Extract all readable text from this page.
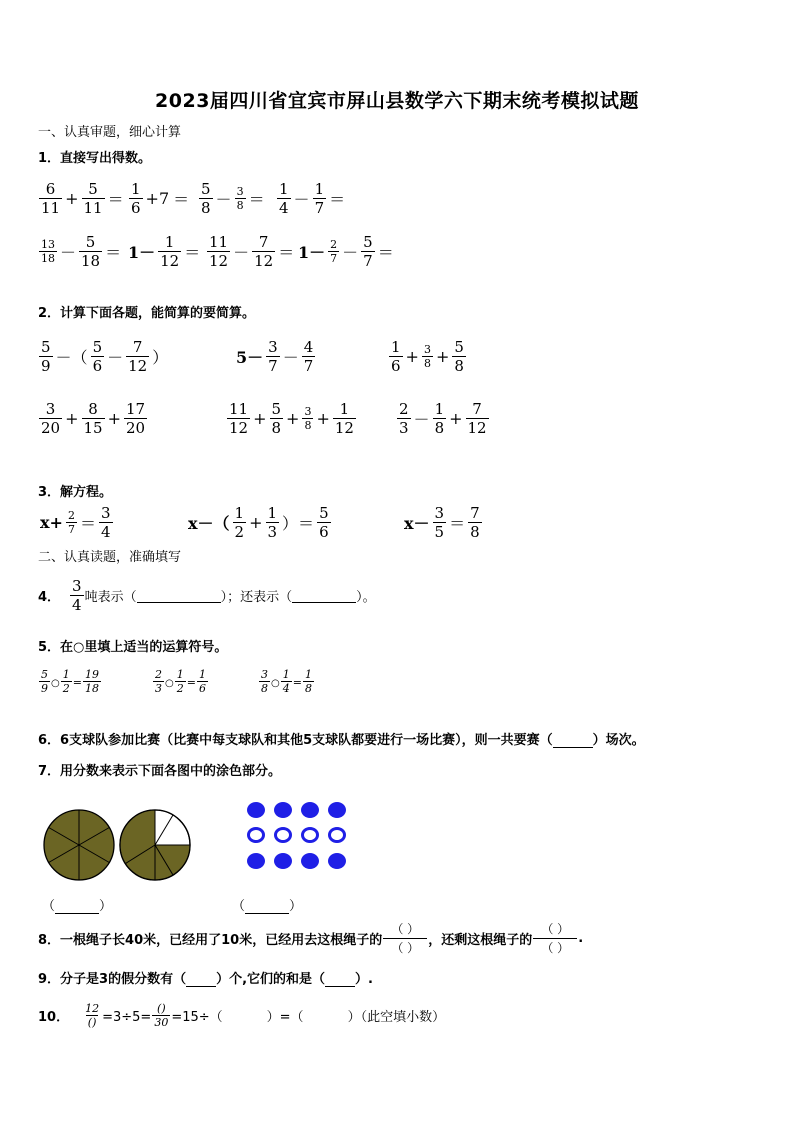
2023届四川省宜宾市屏山县数学六下期末统考模拟试题
一、认真审题，细心计算
1．直接写出得数。
$\frac{6}{11} + \frac{5}{11} = \frac{1}{6} +7 = \frac{5}{8} - \frac{3}{8} = \frac{1}{4} - \frac{1}{7}$ ＝
$\frac{13}{18} - \frac{5}{18} = 1- \frac{1}{12} = \frac{11}{12} - \frac{7}{12} = 1- \frac{2}{7} - \frac{5}{7}$ ＝
2．计算下面各题，能简算的要简算。
$\frac{5}{9}$ －（ $\frac{5}{6} - \frac{7}{12}$ ）	$5- \frac{3}{7} - \frac{4}{7}$	$\frac{1}{6} + \frac{3}{8} + \frac{5}{8}$
$\frac{3}{20} + \frac{8}{15} + \frac{17}{20}$	$\frac{11}{12} + \frac{5}{8} + \frac{3}{8} + \frac{1}{12}$	$\frac{2}{3} - \frac{1}{8} + \frac{7}{12}$
3．解方程。
$x+ \frac{2}{7} = \frac{3}{4}$	$x-( \frac{1}{2} + \frac{1}{3}$ ）＝ $\frac{5}{6}$	$x- \frac{3}{5} = \frac{7}{8}$
二、认真读题，准确填写
4． $\frac{3}{4}$ 吨表示（	）；还表示（	）。
5．在○里填上适当的运算符号。
$\frac{5}{9}$ ○ $\frac{1}{2} = \frac{19}{18}$	$\frac{2}{3}$ ○ $\frac{1}{2} = \frac{1}{6}$	$\frac{3}{8}$ ○ $\frac{1}{4} = \frac{1}{8}$
6．6支球队参加比赛（比赛中每支球队和其他5支球队都要进行一场比赛），则一共要赛（	）场次。
7．用分数来表示下面各图中的涂色部分。
（	）	（	）
8．一根绳子长40米，已经用了10米，已经用去这根绳子的 $\frac{( )}{( )}$ ，还剩这根绳子的 $\frac{( )}{( )}$ .
9．分子是3的假分数有（ ）个,它们的和是（ ）.
10． $\frac{12}{()} =3\div 5= \frac{()}{30} =15\div$（	）=（	）（此空填小数）
